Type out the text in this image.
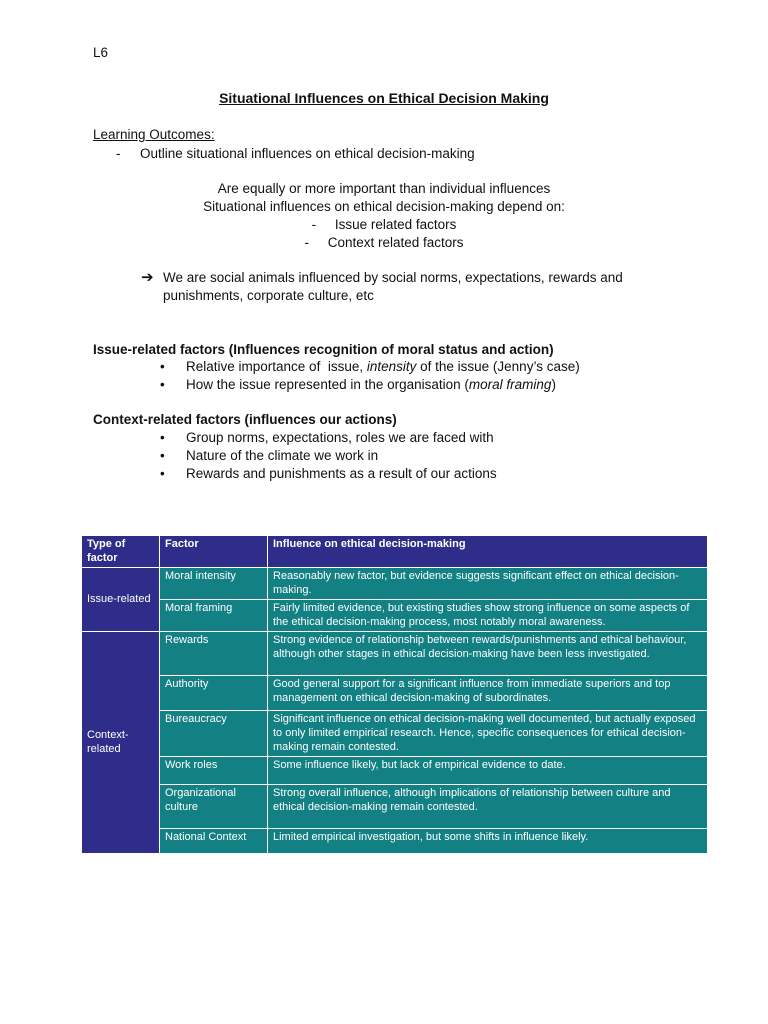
L6
Situational Influences on Ethical Decision Making
Learning Outcomes:
- Outline situational influences on ethical decision-making
Are equally or more important than individual influences
Situational influences on ethical decision-making depend on:
-     Issue related factors
-     Context related factors
➔ We are social animals influenced by social norms, expectations, rewards and punishments, corporate culture, etc
Issue-related factors (Influences recognition of moral status and action)
• Relative importance of  issue, intensity of the issue (Jenny’s case)
• How the issue represented in the organisation (moral framing)
Context-related factors (influences our actions)
• Group norms, expectations, roles we are faced with
• Nature of the climate we work in
• Rewards and punishments as a result of our actions
Type of factor	Factor	Influence on ethical decision-making
Issue-related	Moral intensity	Reasonably new factor, but evidence suggests significant effect on ethical decision-making.
	Moral framing	Fairly limited evidence, but existing studies show strong influence on some aspects of the ethical decision-making process, most notably moral awareness.
Context-related	Rewards	Strong evidence of relationship between rewards/punishments and ethical behaviour, although other stages in ethical decision-making have been less investigated.
	Authority	Good general support for a significant influence from immediate superiors and top management on ethical decision-making of subordinates.
	Bureaucracy	Significant influence on ethical decision-making well documented, but actually exposed to only limited empirical research. Hence, specific consequences for ethical decision-making remain contested.
	Work roles	Some influence likely, but lack of empirical evidence to date.
	Organizational culture	Strong overall influence, although implications of relationship between culture and ethical decision-making remain contested.
	National Context	Limited empirical investigation, but some shifts in influence likely.
